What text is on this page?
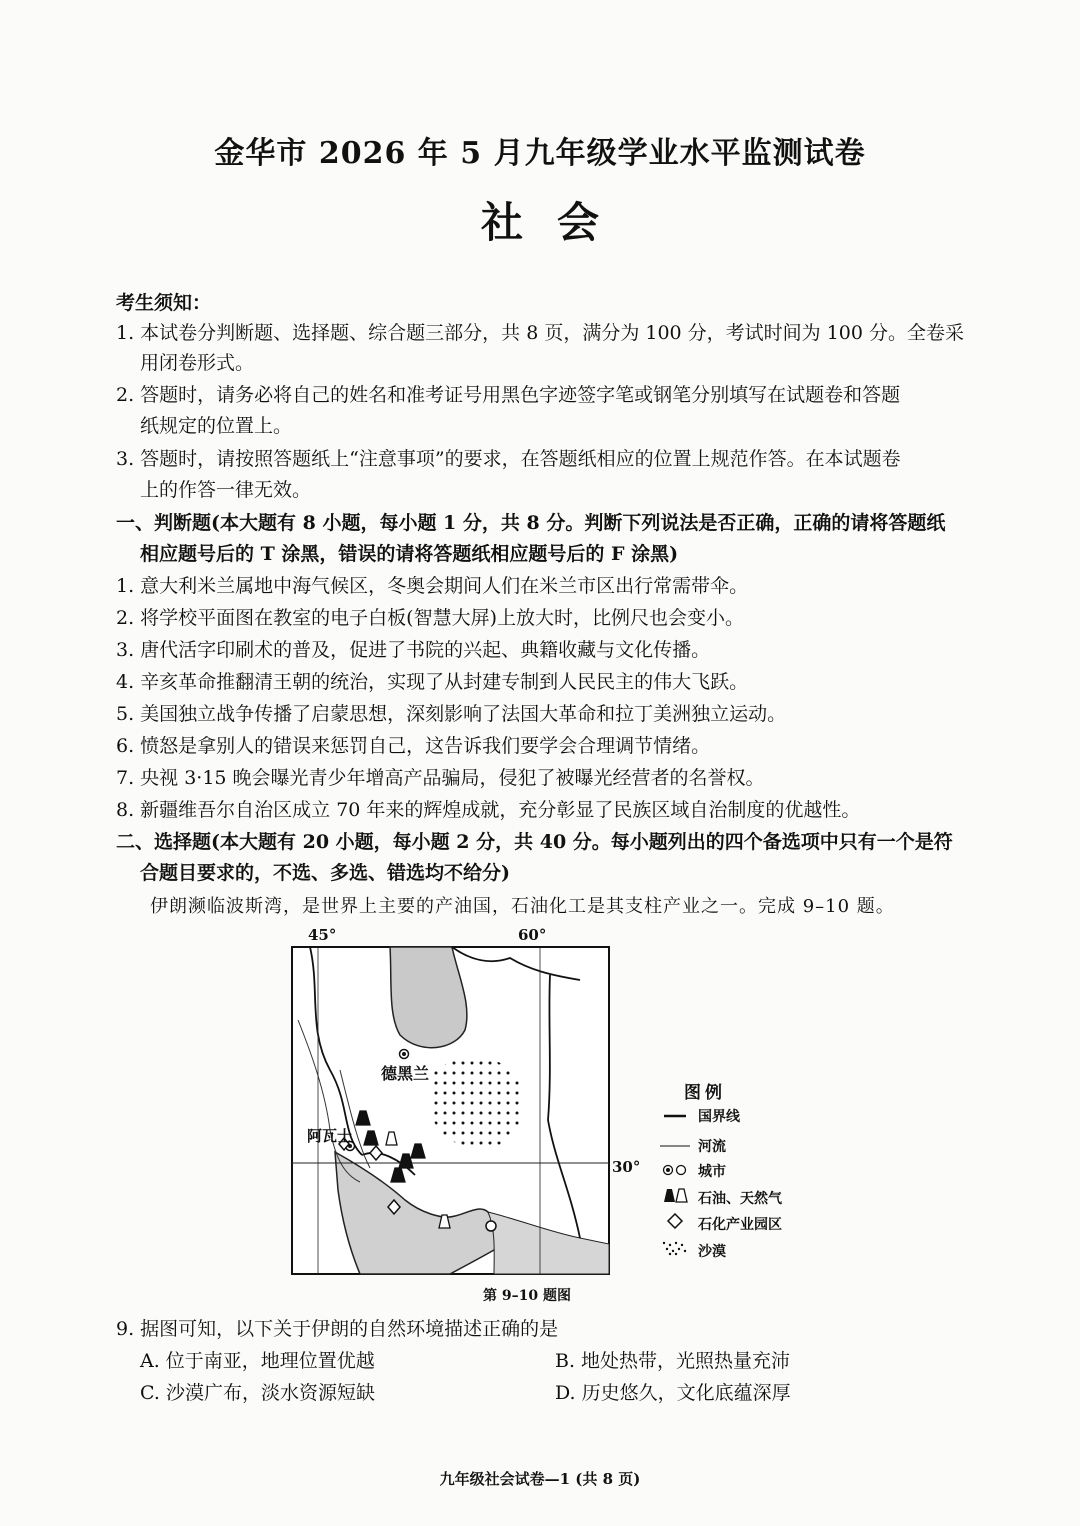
金华市 2026 年 5 月九年级学业水平监测试卷
社会
考生须知：
1. 本试卷分判断题、选择题、综合题三部分，共 8 页，满分为 100 分，考试时间为 100 分。全卷采
用闭卷形式。
2. 答题时，请务必将自己的姓名和准考证号用黑色字迹签字笔或钢笔分别填写在试题卷和答题
纸规定的位置上。
3. 答题时，请按照答题纸上“注意事项”的要求，在答题纸相应的位置上规范作答。在本试题卷
上的作答一律无效。
一、判断题(本大题有 8 小题，每小题 1 分，共 8 分。判断下列说法是否正确，正确的请将答题纸
相应题号后的 T 涂黑，错误的请将答题纸相应题号后的 F 涂黑)
1. 意大利米兰属地中海气候区，冬奥会期间人们在米兰市区出行常需带伞。
2. 将学校平面图在教室的电子白板(智慧大屏)上放大时，比例尺也会变小。
3. 唐代活字印刷术的普及，促进了书院的兴起、典籍收藏与文化传播。
4. 辛亥革命推翻清王朝的统治，实现了从封建专制到人民民主的伟大飞跃。
5. 美国独立战争传播了启蒙思想，深刻影响了法国大革命和拉丁美洲独立运动。
6. 愤怒是拿别人的错误来惩罚自己，这告诉我们要学会合理调节情绪。
7. 央视 3·15 晚会曝光青少年增高产品骗局，侵犯了被曝光经营者的名誉权。
8. 新疆维吾尔自治区成立 70 年来的辉煌成就，充分彰显了民族区域自治制度的优越性。
二、选择题(本大题有 20 小题，每小题 2 分，共 40 分。每小题列出的四个备选项中只有一个是符
合题目要求的，不选、多选、错选均不给分)
伊朗濒临波斯湾，是世界上主要的产油国，石油化工是其支柱产业之一。完成 9–10 题。
45°	60°
30°
德黑兰
阿瓦士
图例
国界线
河流
城市
石油、天然气
石化产业园区
沙漠
第 9–10 题图
9. 据图可知，以下关于伊朗的自然环境描述正确的是
A. 位于南亚，地理位置优越	B. 地处热带，光照热量充沛
C. 沙漠广布，淡水资源短缺	D. 历史悠久，文化底蕴深厚
九年级社会试卷—1 (共 8 页)
